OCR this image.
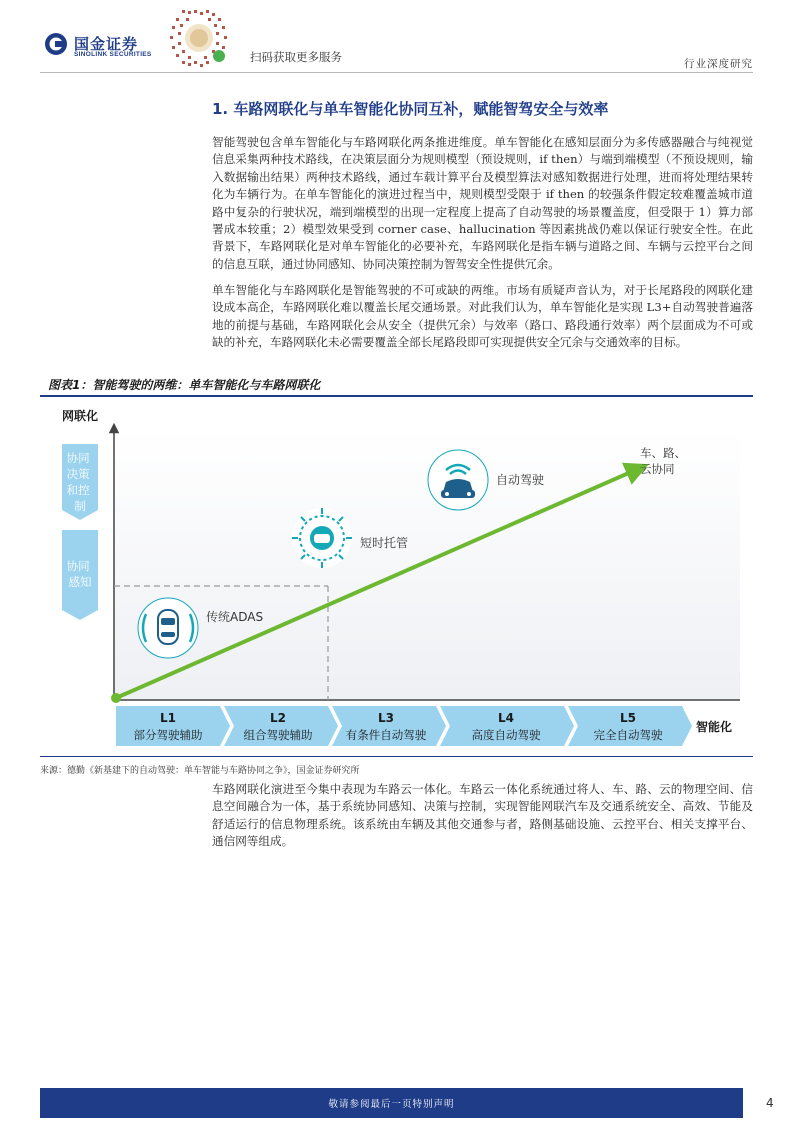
国金证券
SINOLINK SECURITIES	扫码获取更多服务	行业深度研究
1. 车路网联化与单车智能化协同互补，赋能智驾安全与效率
智能驾驶包含单车智能化与车路网联化两条推进维度。单车智能化在感知层面分为多传感器融合与纯视觉信息采集两种技术路线，在决策层面分为规则模型（预设规则，if then）与端到端模型（不预设规则，输入数据输出结果）两种技术路线，通过车载计算平台及模型算法对感知数据进行处理，进而将处理结果转化为车辆行为。在单车智能化的演进过程当中，规则模型受限于 if then 的较强条件假定较难覆盖城市道路中复杂的行驶状况，端到端模型的出现一定程度上提高了自动驾驶的场景覆盖度，但受限于 1）算力部署成本较重；2）模型效果受到 corner case、hallucination 等因素挑战仍难以保证行驶安全性。在此背景下，车路网联化是对单车智能化的必要补充，车路网联化是指车辆与道路之间、车辆与云控平台之间的信息互联，通过协同感知、协同决策控制为智驾安全性提供冗余。
单车智能化与车路网联化是智能驾驶的不可或缺的两维。市场有质疑声音认为，对于长尾路段的网联化建设成本高企，车路网联化难以覆盖长尾交通场景。对此我们认为，单车智能化是实现 L3+自动驾驶普遍落地的前提与基础，车路网联化会从安全（提供冗余）与效率（路口、路段通行效率）两个层面成为不可或缺的补充，车路网联化未必需要覆盖全部长尾路段即可实现提供安全冗余与交通效率的目标。
图表1：智能驾驶的两维：单车智能化与车路网联化
网联化
协同 决策 和控 制
协同 感知
传统ADAS
短时托管
自动驾驶
车、路、 云协同
L1
部分驾驶辅助
L2
组合驾驶辅助
L3
有条件自动驾驶
L4
高度自动驾驶
L5
完全自动驾驶
智能化
来源：德勤《新基建下的自动驾驶：单车智能与车路协同之争》，国金证券研究所
车路网联化演进至今集中表现为车路云一体化。车路云一体化系统通过将人、车、路、云的物理空间、信息空间融合为一体，基于系统协同感知、决策与控制，实现智能网联汽车及交通系统安全、高效、节能及舒适运行的信息物理系统。该系统由车辆及其他交通参与者，路侧基础设施、云控平台、相关支撑平台、通信网等组成。
敬请参阅最后一页特别声明	4
